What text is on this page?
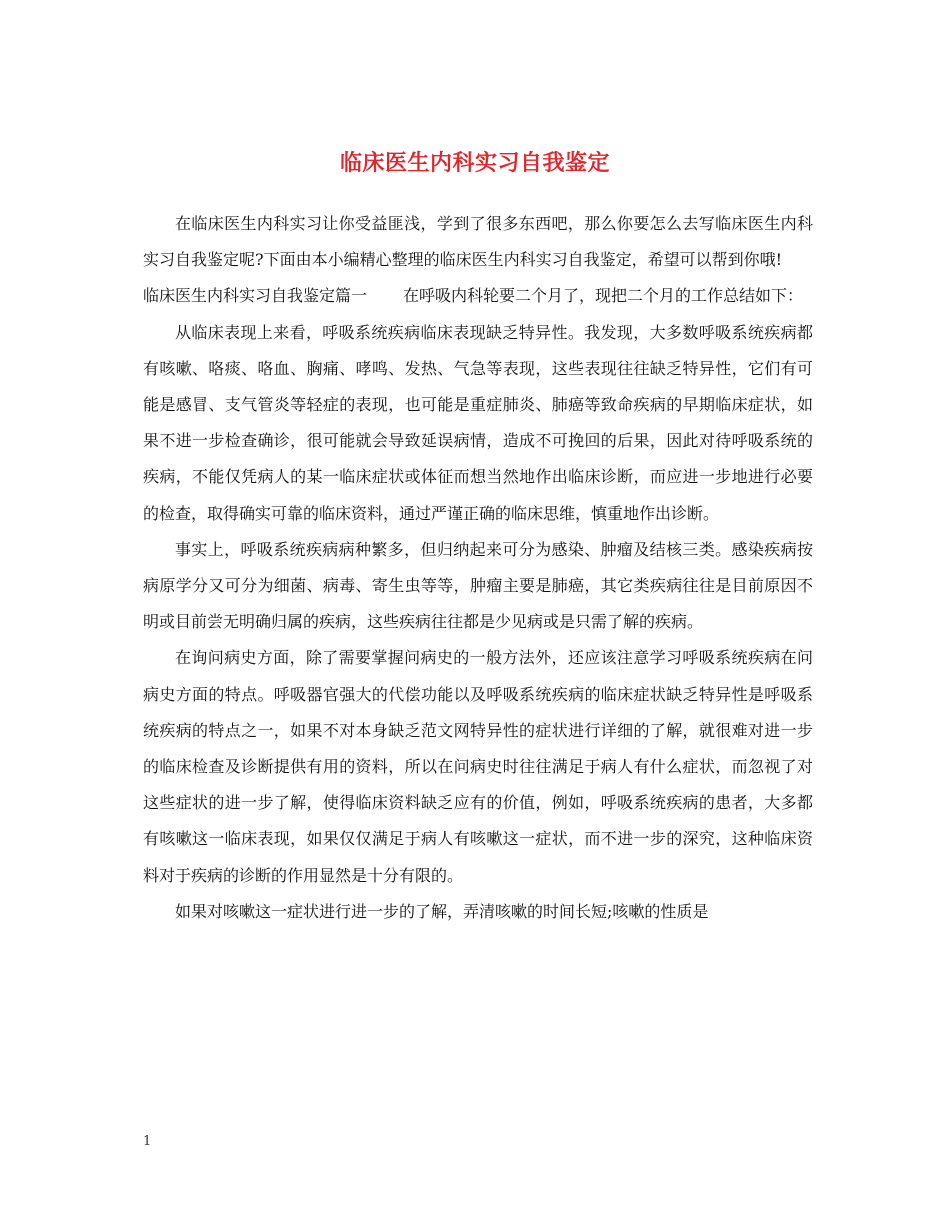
临床医生内科实习自我鉴定

在临床医生内科实习让你受益匪浅，学到了很多东西吧，那么你要怎么去写临床医生内科实习自我鉴定呢?下面由本小编精心整理的临床医生内科实习自我鉴定，希望可以帮到你哦!

临床医生内科实习自我鉴定篇一 在呼吸内科轮要二个月了，现把二个月的工作总结如下：

从临床表现上来看，呼吸系统疾病临床表现缺乏特异性。我发现，大多数呼吸系统疾病都有咳嗽、咯痰、咯血、胸痛、哮鸣、发热、气急等表现，这些表现往往缺乏特异性，它们有可能是感冒、支气管炎等轻症的表现，也可能是重症肺炎、肺癌等致命疾病的早期临床症状，如果不进一步检查确诊，很可能就会导致延误病情，造成不可挽回的后果，因此对待呼吸系统的疾病，不能仅凭病人的某一临床症状或体征而想当然地作出临床诊断，而应进一步地进行必要的检查，取得确实可靠的临床资料，通过严谨正确的临床思维，慎重地作出诊断。

事实上，呼吸系统疾病病种繁多，但归纳起来可分为感染、肿瘤及结核三类。感染疾病按病原学分又可分为细菌、病毒、寄生虫等等，肿瘤主要是肺癌，其它类疾病往往是目前原因不明或目前尝无明确归属的疾病，这些疾病往往都是少见病或是只需了解的疾病。

在询问病史方面，除了需要掌握问病史的一般方法外，还应该注意学习呼吸系统疾病在问病史方面的特点。呼吸器官强大的代偿功能以及呼吸系统疾病的临床症状缺乏特异性是呼吸系统疾病的特点之一，如果不对本身缺乏范文网特异性的症状进行详细的了解，就很难对进一步的临床检查及诊断提供有用的资料，所以在问病史时往往满足于病人有什么症状，而忽视了对这些症状的进一步了解，使得临床资料缺乏应有的价值，例如，呼吸系统疾病的患者，大多都有咳嗽这一临床表现，如果仅仅满足于病人有咳嗽这一症状，而不进一步的深究，这种临床资料对于疾病的诊断的作用显然是十分有限的。

如果对咳嗽这一症状进行进一步的了解，弄清咳嗽的时间长短;咳嗽的性质是

1
